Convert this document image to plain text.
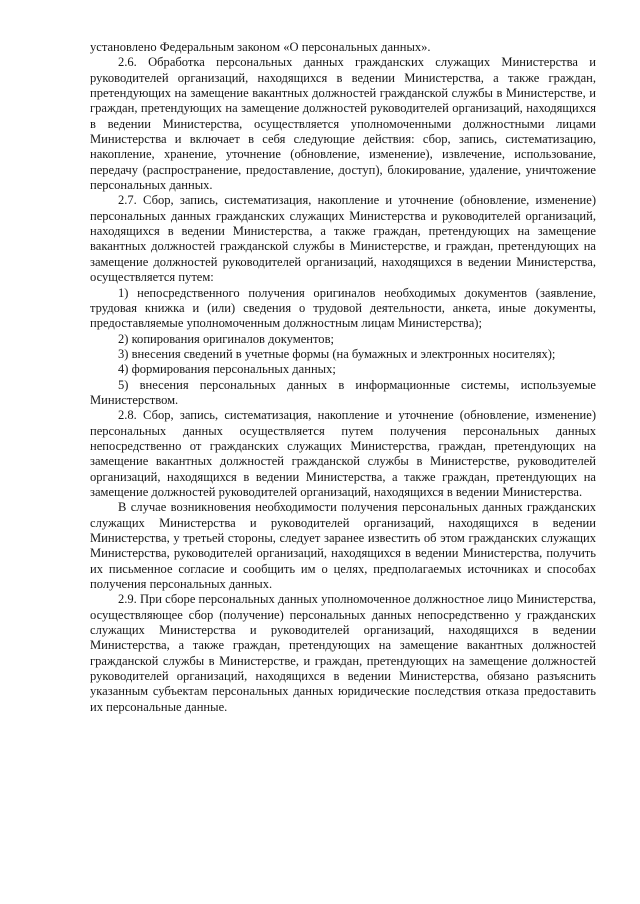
установлено Федеральным законом «О персональных данных».

2.6. Обработка персональных данных гражданских служащих Министерства и руководителей организаций, находящихся в ведении Министерства, а также граждан, претендующих на замещение вакантных должностей гражданской службы в Министерстве, и граждан, претендующих на замещение должностей руководителей организаций, находящихся в ведении Министерства, осуществляется уполномоченными должностными лицами Министерства и включает в себя следующие действия: сбор, запись, систематизацию, накопление, хранение, уточнение (обновление, изменение), извлечение, использование, передачу (распространение, предоставление, доступ), блокирование, удаление, уничтожение персональных данных.

2.7. Сбор, запись, систематизация, накопление и уточнение (обновление, изменение) персональных данных гражданских служащих Министерства и руководителей организаций, находящихся в ведении Министерства, а также граждан, претендующих на замещение вакантных должностей гражданской службы в Министерстве, и граждан, претендующих на замещение должностей руководителей организаций, находящихся в ведении Министерства, осуществляется путем:

1) непосредственного получения оригиналов необходимых документов (заявление, трудовая книжка и (или) сведения о трудовой деятельности, анкета, иные документы, предоставляемые уполномоченным должностным лицам Министерства);

2) копирования оригиналов документов;

3) внесения сведений в учетные формы (на бумажных и электронных носителях);

4) формирования персональных данных;

5) внесения персональных данных в информационные системы, используемые Министерством.

2.8. Сбор, запись, систематизация, накопление и уточнение (обновление, изменение) персональных данных осуществляется путем получения персональных данных непосредственно от гражданских служащих Министерства, граждан, претендующих на замещение вакантных должностей гражданской службы в Министерстве, руководителей организаций, находящихся в ведении Министерства, а также граждан, претендующих на замещение должностей руководителей организаций, находящихся в ведении Министерства.

В случае возникновения необходимости получения персональных данных гражданских служащих Министерства и руководителей организаций, находящихся в ведении Министерства, у третьей стороны, следует заранее известить об этом гражданских служащих Министерства, руководителей организаций, находящихся в ведении Министерства, получить их письменное согласие и сообщить им о целях, предполагаемых источниках и способах получения персональных данных.

2.9. При сборе персональных данных уполномоченное должностное лицо Министерства, осуществляющее сбор (получение) персональных данных непосредственно у гражданских служащих Министерства и руководителей организаций, находящихся в ведении Министерства, а также граждан, претендующих на замещение вакантных должностей гражданской службы в Министерстве, и граждан, претендующих на замещение должностей руководителей организаций, находящихся в ведении Министерства, обязано разъяснить указанным субъектам персональных данных юридические последствия отказа предоставить их персональные данные.
